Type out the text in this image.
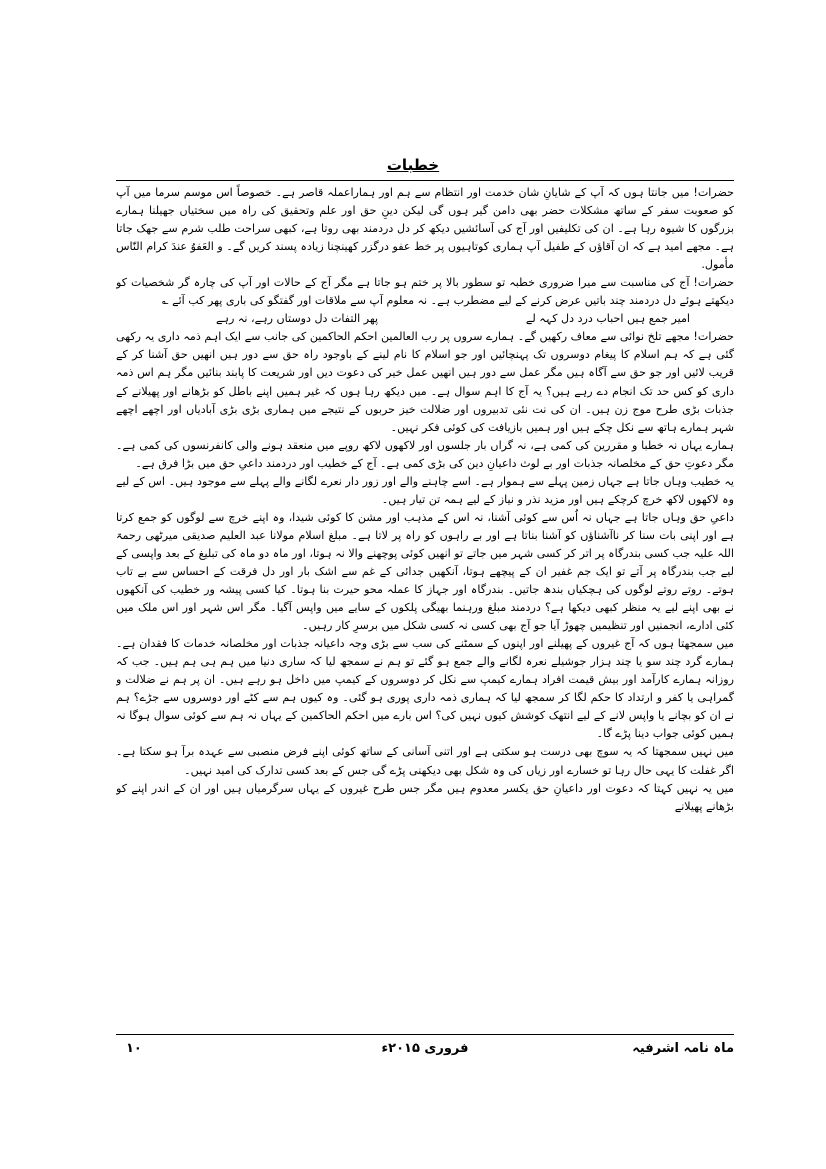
خطبات

حضرات! میں جانتا ہوں کہ آپ کے شایانِ شان خدمت اور انتظام سے ہم اور ہماراعملہ قاصر ہے۔ خصوصاً اس موسم سرما میں آپ کو صعوبت سفر کے ساتھ مشکلات حضر بھی دامن گیر ہوں گی لیکن دینِ حق اور علم وتحقیق کی راہ میں سختیاں جھیلنا ہمارے بزرگوں کا شیوہ رہا ہے۔ ان کی تکلیفیں اور آج کی آسائشیں دیکھ کر دل دردمند بھی روتا ہے، کبھی سراحت طلب شرم سے جھک جاتا ہے۔ مجھے امید ہے کہ ان آقاؤں کے طفیل آپ ہماری کوتاہیوں پر خط عفو درگزر کھینچنا زیادہ پسند کریں گے۔ و العَفوُ عندَ کرام النّاس مأمول.

حضرات! آج کی مناسبت سے میرا ضروری خطبہ تو سطور بالا پر ختم ہو جاتا ہے مگر آج کے حالات اور آپ کی چارہ گر شخصیات کو دیکھتے ہوئے دل دردمند چند باتیں عرض کرنے کے لیے مضطرب ہے۔ نہ معلوم آپ سے ملاقات اور گفتگو کی باری پھر کب آئے ؎

امیر جمع ہیں احباب درد دل کہہ لے
پھر التفات دل دوستاں رہے، نہ رہے

حضرات! مجھے تلخ نوائی سے معاف رکھیں گے۔ ہمارے سروں پر رب العالمین احکم الحاکمین کی جانب سے ایک اہم ذمہ داری یہ رکھی گئی ہے کہ ہم اسلام کا پیغام دوسروں تک پہنچائیں اور جو اسلام کا نام لینے کے باوجود راہ حق سے دور ہیں انھیں حق آشنا کر کے قریب لائیں اور جو حق سے آگاہ ہیں مگر عمل سے دور ہیں انھیں عمل خیر کی دعوت دیں اور شریعت کا پابند بنائیں مگر ہم اس ذمہ داری کو کس حد تک انجام دے رہے ہیں؟ یہ آج کا اہم سوال ہے۔ میں دیکھ رہا ہوں کہ غیر ہمیں اپنے باطل کو بڑھانے اور پھیلانے کے جذبات بڑی طرح موج زن ہیں۔ ان کی نت نئی تدبیروں اور ضلالت خیز حربوں کے نتیجے میں ہماری بڑی بڑی آبادیاں اور اچھے اچھے شہر ہمارے ہاتھ سے نکل چکے ہیں اور ہمیں بازیافت کی کوئی فکر نہیں۔

ہمارے یہاں نہ خطبا و مقررین کی کمی ہے، نہ گراں بار جلسوں اور لاکھوں لاکھ روپے میں منعقد ہونے والی کانفرنسوں کی کمی ہے۔ مگر دعوتِ حق کے مخلصانہ جذبات اور بے لوث داعیانِ دین کی بڑی کمی ہے۔ آج کے خطیب اور دردمند داعیِ حق میں بڑا فرق ہے۔

یہ خطیب وہاں جاتا ہے جہاں زمین پہلے سے ہموار ہے۔ اسے چاہنے والے اور زور دار نعرے لگانے والے پہلے سے موجود ہیں۔ اس کے لیے وہ لاکھوں لاکھ خرچ کرچکے ہیں اور مزید نذر و نیاز کے لیے ہمہ تن تیار ہیں۔

داعیِ حق وہاں جاتا ہے جہاں نہ اُس سے کوئی آشنا، نہ اس کے مذہب اور مشن کا کوئی شیدا، وہ اپنے خرچ سے لوگوں کو جمع کرتا ہے اور اپنی بات سنا کر ناآشناؤں کو آشنا بناتا ہے اور بے راہوں کو راہ پر لاتا ہے۔ مبلغ اسلام مولانا عبد العلیم صدیقی میرٹھی رحمۃ اللہ علیہ جب کسی بندرگاہ پر اتر کر کسی شہر میں جاتے تو انھیں کوئی پوچھنے والا نہ ہوتا، اور ماہ دو ماہ کی تبلیغ کے بعد واپسی کے لیے جب بندرگاہ پر آتے تو ایک جم غفیر ان کے پیچھے ہوتا، آنکھیں جدائی کے غم سے اشک بار اور دل فرقت کے احساس سے بے تاب ہوتے۔ روتے روتے لوگوں کی ہچکیاں بندھ جاتیں۔ بندرگاہ اور جہاز کا عملہ محو حیرت بنا ہوتا۔ کیا کسی پیشہ ور خطیب کی آنکھوں نے بھی اپنے لیے یہ منظر کبھی دیکھا ہے؟ دردمند مبلغ ورہنما بھیگی پلکوں کے سایے میں واپس آگیا۔ مگر اس شہر اور اس ملک میں کئی ادارے، انجمنیں اور تنظیمیں چھوڑ آیا جو آج بھی کسی نہ کسی شکل میں برسرِ کار رہیں۔

میں سمجھتا ہوں کہ آج غیروں کے پھیلنے اور اپنوں کے سمٹنے کی سب سے بڑی وجہ داعیانہ جذبات اور مخلصانہ خدمات کا فقدان ہے۔ ہمارے گرد چند سو یا چند ہزار جوشیلے نعرہ لگانے والے جمع ہو گئے تو ہم نے سمجھ لیا کہ ساری دنیا میں ہم ہی ہم ہیں۔ جب کہ روزانہ ہمارے کارآمد اور بیش قیمت افراد ہمارے کیمپ سے نکل کر دوسروں کے کیمپ میں داخل ہو رہے ہیں۔ ان پر ہم نے ضلالت و گمراہی یا کفر و ارتداد کا حکم لگا کر سمجھ لیا کہ ہماری ذمہ داری پوری ہو گئی۔ وہ کیوں ہم سے کٹے اور دوسروں سے جڑے؟ ہم نے ان کو بچانے یا واپس لانے کے لیے انتھک کوشش کیوں نہیں کی؟ اس بارے میں احکم الحاکمین کے یہاں نہ ہم سے کوئی سوال ہوگا نہ ہمیں کوئی جواب دینا پڑے گا۔

میں نہیں سمجھتا کہ یہ سوچ بھی درست ہو سکتی ہے اور اتنی آسانی کے ساتھ کوئی اپنے فرض منصبی سے عہدہ برآ ہو سکتا ہے۔ اگر غفلت کا یہی حال رہا تو خسارے اور زیاں کی وہ شکل بھی دیکھنی پڑے گی جس کے بعد کسی تدارک کی امید نہیں۔

میں یہ نہیں کہتا کہ دعوت اور داعیانِ حق یکسر معدوم ہیں مگر جس طرح غیروں کے یہاں سرگرمیاں ہیں اور ان کے اندر اپنے کو بڑھانے پھیلانے

ماہ نامہ اشرفیہ
فروری ۲۰۱۵ء
۱۰
